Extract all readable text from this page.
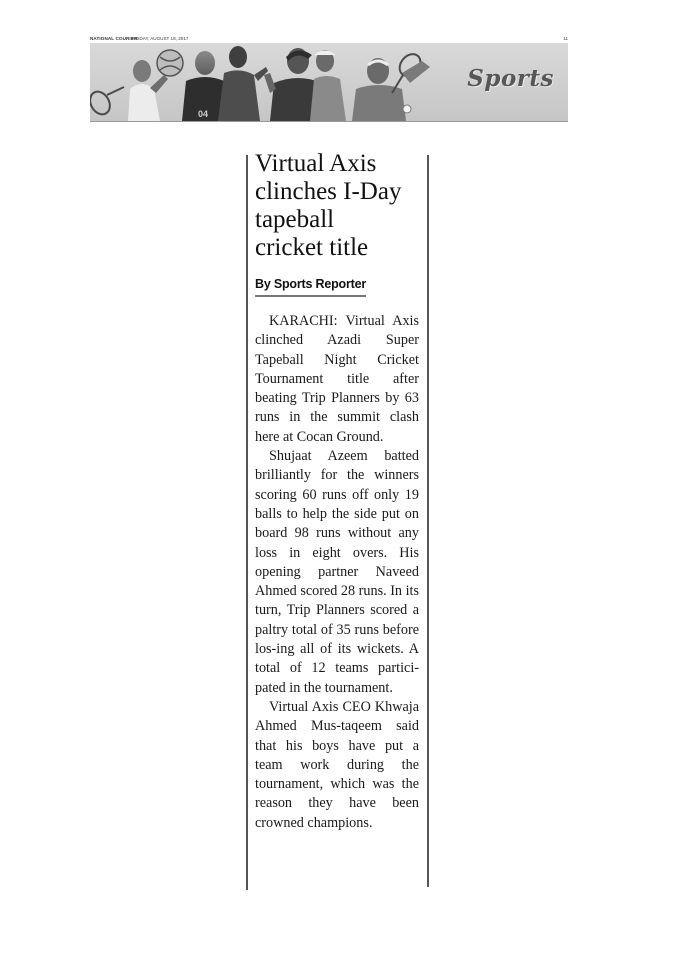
NATIONAL COURIER
FRIDAY, AUGUST 18, 2017	11
04
Sports
Virtual Axis
clinches I-Day
tapeball
cricket title
By Sports Reporter

KARACHI: Virtual Axis clinched Azadi Super Tapeball Night Cricket Tournament title after beating Trip Planners by 63 runs in the summit clash here at Cocan Ground.

Shujaat Azeem batted brilliantly for the winners scoring 60 runs off only 19 balls to help the side put on board 98 runs without any loss in eight overs. His opening partner Naveed Ahmed scored 28 runs. In its turn, Trip Planners scored a paltry total of 35 runs before los-ing all of its wickets. A total of 12 teams partici-pated in the tournament.

Virtual Axis CEO Khwaja Ahmed Mus-taqeem said that his boys have put a team work during the tournament, which was the reason they have been crowned champions.
